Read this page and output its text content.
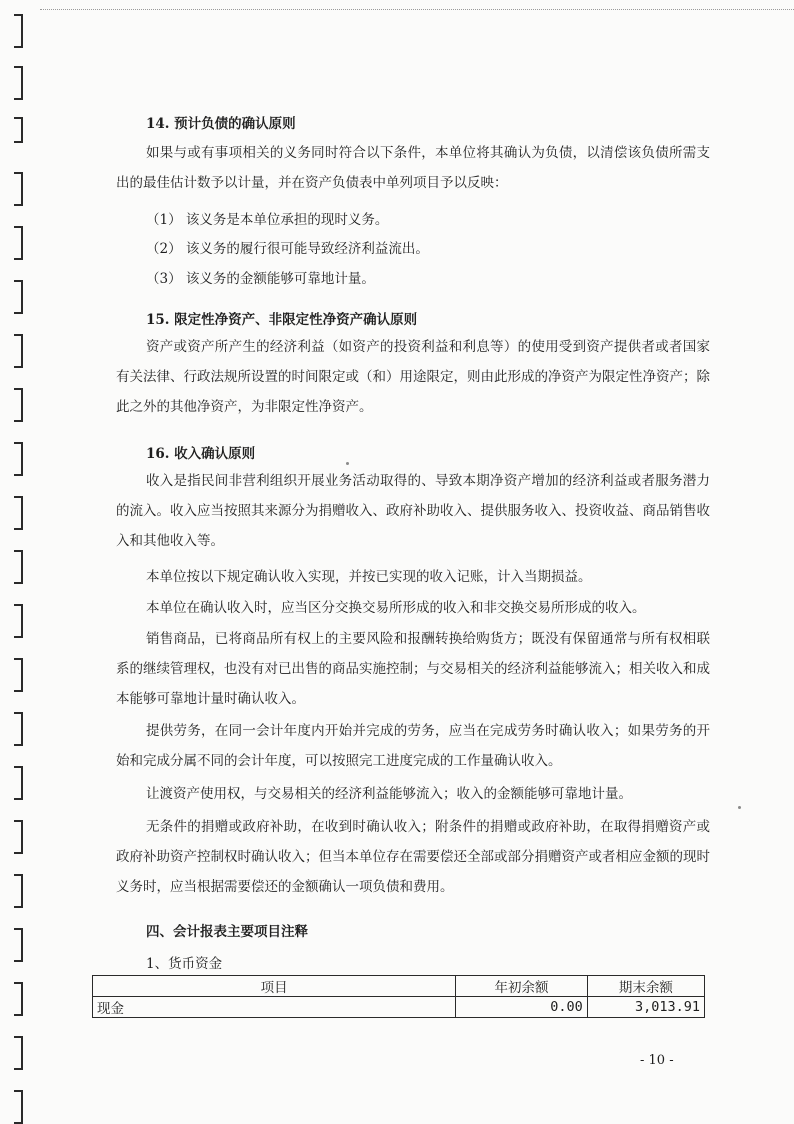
14. 预计负债的确认原则
如果与或有事项相关的义务同时符合以下条件，本单位将其确认为负债，以清偿该负债所需支出的最佳估计数予以计量，并在资产负债表中单列项目予以反映：
（1） 该义务是本单位承担的现时义务。
（2） 该义务的履行很可能导致经济利益流出。
（3） 该义务的金额能够可靠地计量。
15. 限定性净资产、非限定性净资产确认原则
资产或资产所产生的经济利益（如资产的投资利益和利息等）的使用受到资产提供者或者国家有关法律、行政法规所设置的时间限定或（和）用途限定，则由此形成的净资产为限定性净资产；除此之外的其他净资产，为非限定性净资产。
16. 收入确认原则
收入是指民间非营利组织开展业务活动取得的、导致本期净资产增加的经济利益或者服务潜力的流入。收入应当按照其来源分为捐赠收入、政府补助收入、提供服务收入、投资收益、商品销售收入和其他收入等。
本单位按以下规定确认收入实现，并按已实现的收入记账，计入当期损益。
本单位在确认收入时，应当区分交换交易所形成的收入和非交换交易所形成的收入。
销售商品，已将商品所有权上的主要风险和报酬转换给购货方；既没有保留通常与所有权相联系的继续管理权，也没有对已出售的商品实施控制；与交易相关的经济利益能够流入；相关收入和成本能够可靠地计量时确认收入。
提供劳务，在同一会计年度内开始并完成的劳务，应当在完成劳务时确认收入；如果劳务的开始和完成分属不同的会计年度，可以按照完工进度完成的工作量确认收入。
让渡资产使用权，与交易相关的经济利益能够流入；收入的金额能够可靠地计量。
无条件的捐赠或政府补助，在收到时确认收入；附条件的捐赠或政府补助，在取得捐赠资产或政府补助资产控制权时确认收入；但当本单位存在需要偿还全部或部分捐赠资产或者相应金额的现时义务时，应当根据需要偿还的金额确认一项负债和费用。
四、会计报表主要项目注释
1、货币资金
项目	年初余额	期末余额
现金	0.00	3,013.91
- 10 -
